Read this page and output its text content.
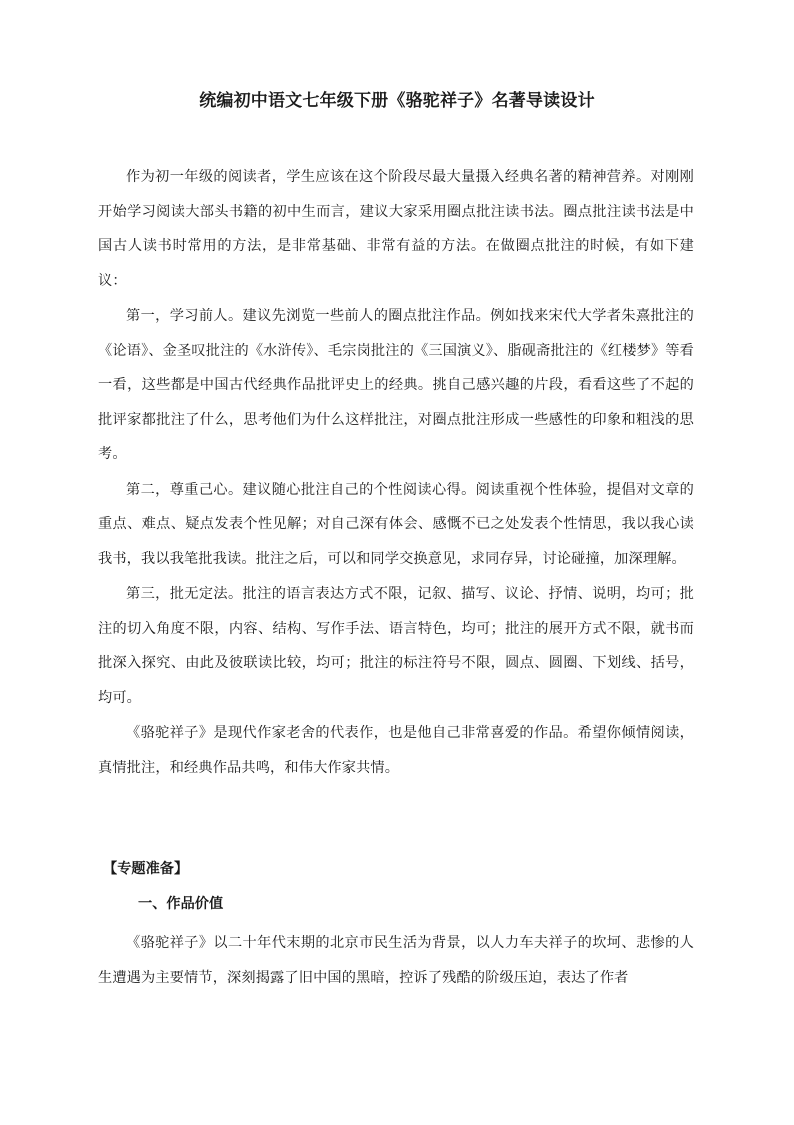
统编初中语文七年级下册《骆驼祥子》名著导读设计

作为初一年级的阅读者，学生应该在这个阶段尽最大量摄入经典名著的精神营养。对刚刚开始学习阅读大部头书籍的初中生而言，建议大家采用圈点批注读书法。圈点批注读书法是中国古人读书时常用的方法，是非常基础、非常有益的方法。在做圈点批注的时候，有如下建议：

第一，学习前人。建议先浏览一些前人的圈点批注作品。例如找来宋代大学者朱熹批注的《论语》、金圣叹批注的《水浒传》、毛宗岗批注的《三国演义》、脂砚斋批注的《红楼梦》等看一看，这些都是中国古代经典作品批评史上的经典。挑自己感兴趣的片段，看看这些了不起的批评家都批注了什么，思考他们为什么这样批注，对圈点批注形成一些感性的印象和粗浅的思考。

第二，尊重己心。建议随心批注自己的个性阅读心得。阅读重视个性体验，提倡对文章的重点、难点、疑点发表个性见解；对自己深有体会、感慨不已之处发表个性情思，我以我心读我书，我以我笔批我读。批注之后，可以和同学交换意见，求同存异，讨论碰撞，加深理解。

第三，批无定法。批注的语言表达方式不限，记叙、描写、议论、抒情、说明，均可；批注的切入角度不限，内容、结构、写作手法、语言特色，均可；批注的展开方式不限，就书而批深入探究、由此及彼联读比较，均可；批注的标注符号不限，圆点、圆圈、下划线、括号，均可。

《骆驼祥子》是现代作家老舍的代表作，也是他自己非常喜爱的作品。希望你倾情阅读，真情批注，和经典作品共鸣，和伟大作家共情。

【专题准备】
一、作品价值

《骆驼祥子》以二十年代末期的北京市民生活为背景，以人力车夫祥子的坎坷、悲惨的人生遭遇为主要情节，深刻揭露了旧中国的黑暗，控诉了残酷的阶级压迫，表达了作者
